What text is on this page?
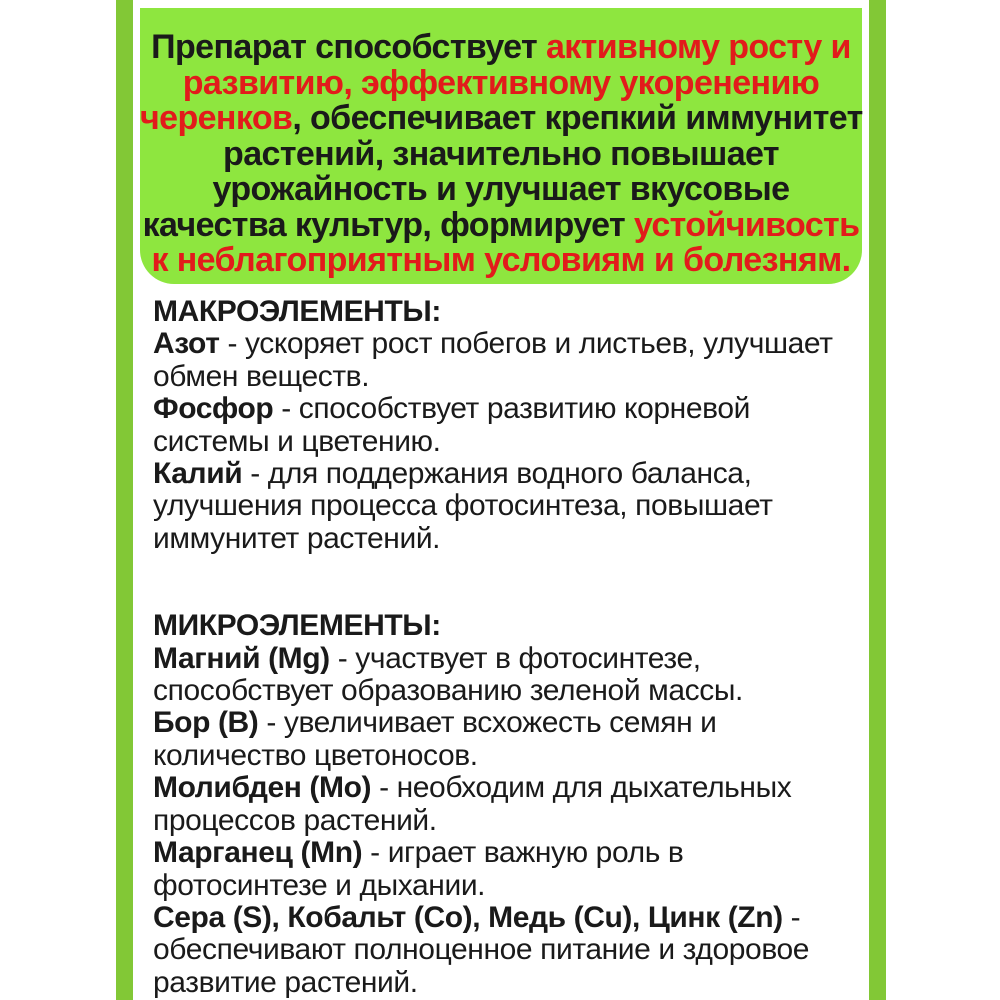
Препарат способствует активному росту и
развитию, эффективному укоренению
черенков, обеспечивает крепкий иммунитет
растений, значительно повышает
урожайность и улучшает вкусовые
качества культур, формирует устойчивость
к неблагоприятным условиям и болезням.
МАКРОЭЛЕМЕНТЫ:
Азот - ускоряет рост побегов и листьев, улучшает
обмен веществ.
Фосфор - способствует развитию корневой
системы и цветению.
Калий - для поддержания водного баланса,
улучшения процесса фотосинтеза, повышает
иммунитет растений.
МИКРОЭЛЕМЕНТЫ:
Магний (Mg) - участвует в фотосинтезе,
способствует образованию зеленой массы.
Бор (В) - увеличивает всхожесть семян и
количество цветоносов.
Молибден (Мо) - необходим для дыхательных
процессов растений.
Марганец (Mn) - играет важную роль в
фотосинтезе и дыхании.
Сера (S), Кобальт (Со), Медь (Cu), Цинк (Zn) -
обеспечивают полноценное питание и здоровое
развитие растений.
